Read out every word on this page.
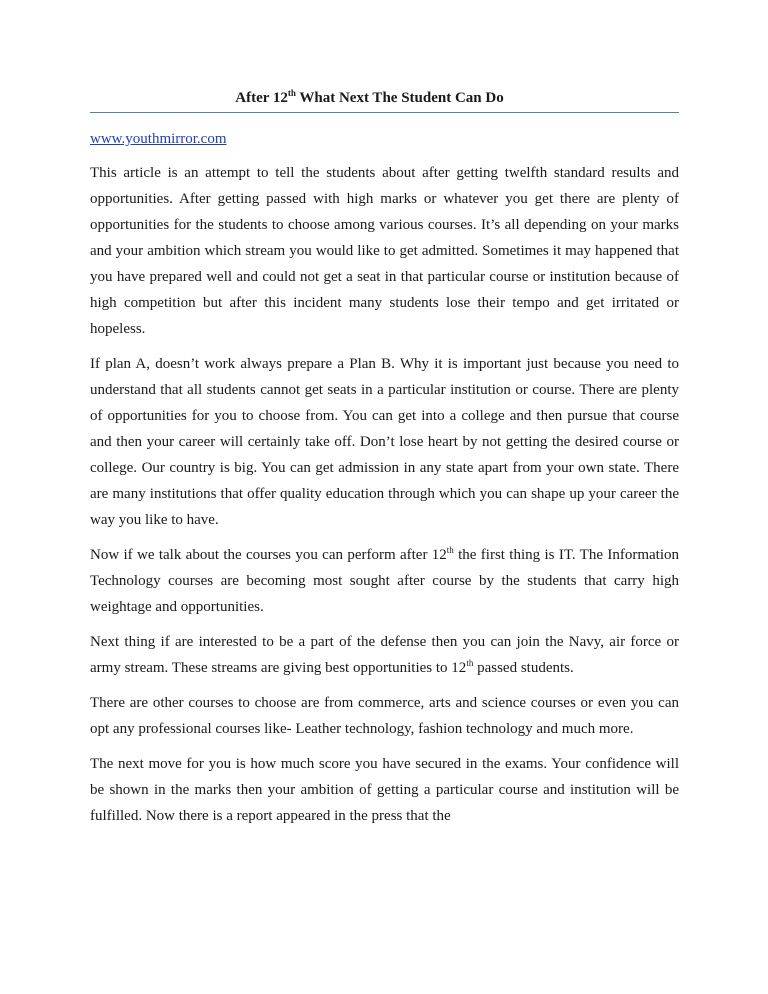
After 12th What Next The Student Can Do
www.youthmirror.com

This article is an attempt to tell the students about after getting twelfth standard results and opportunities. After getting passed with high marks or whatever you get there are plenty of opportunities for the students to choose among various courses. It’s all depending on your marks and your ambition which stream you would like to get admitted. Sometimes it may happened that you have prepared well and could not get a seat in that particular course or institution because of high competition but after this incident many students lose their tempo and get irritated or hopeless.

If plan A, doesn’t work always prepare a Plan B. Why it is important just because you need to understand that all students cannot get seats in a particular institution or course. There are plenty of opportunities for you to choose from. You can get into a college and then pursue that course and then your career will certainly take off. Don’t lose heart by not getting the desired course or college. Our country is big. You can get admission in any state apart from your own state. There are many institutions that offer quality education through which you can shape up your career the way you like to have.

Now if we talk about the courses you can perform after 12th the first thing is IT. The Information Technology courses are becoming most sought after course by the students that carry high weightage and opportunities.

Next thing if are interested to be a part of the defense then you can join the Navy, air force or army stream. These streams are giving best opportunities to 12th passed students.

There are other courses to choose are from commerce, arts and science courses or even you can opt any professional courses like- Leather technology, fashion technology and much more.

The next move for you is how much score you have secured in the exams. Your confidence will be shown in the marks then your ambition of getting a particular course and institution will be fulfilled. Now there is a report appeared in the press that the
